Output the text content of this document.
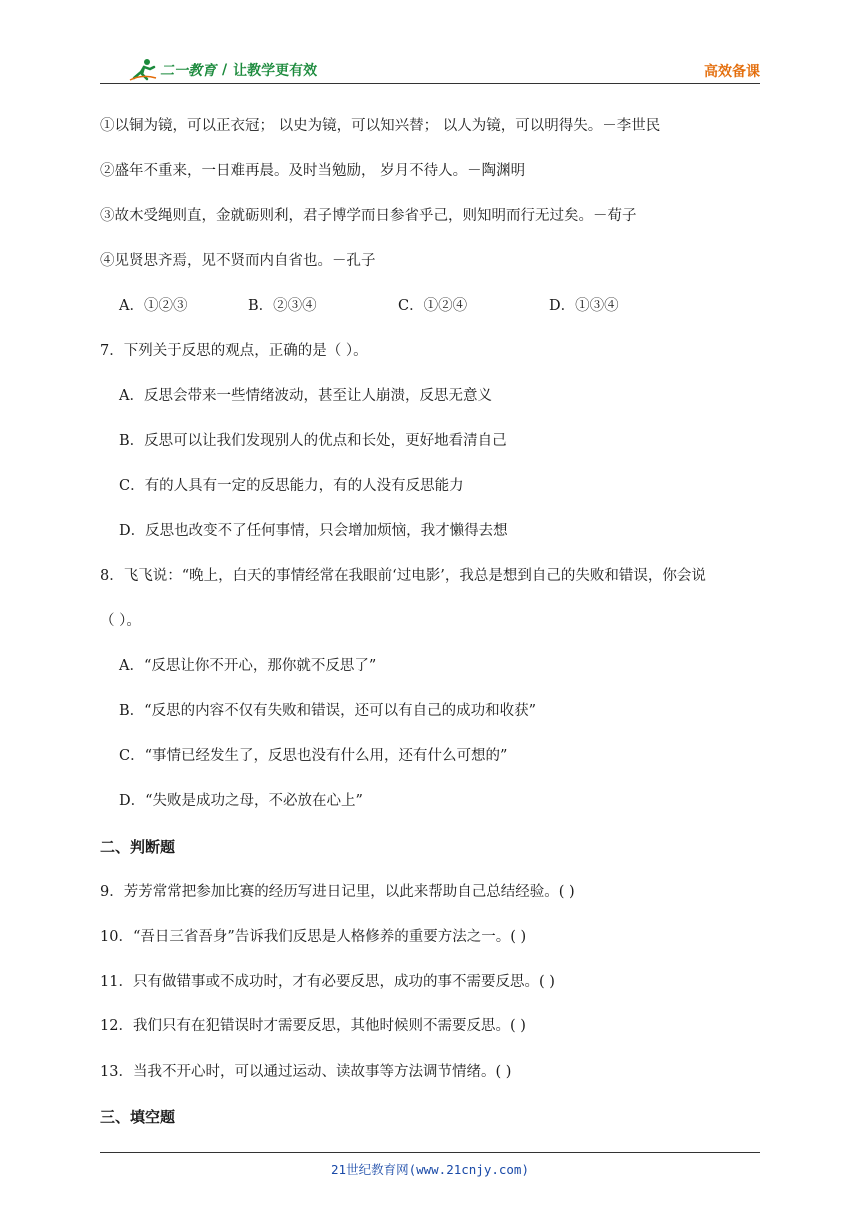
二一教育 / 让教学更有效	高效备课
①以铜为镜，可以正衣冠； 以史为镜，可以知兴替； 以人为镜，可以明得失。－李世民
②盛年不重来，一日难再晨。及时当勉励， 岁月不待人。－陶渊明
③故木受绳则直，金就砺则利，君子博学而日参省乎己，则知明而行无过矣。－荀子
④见贤思齐焉，见不贤而内自省也。－孔子
A．①②③	B．②③④	C．①②④	D．①③④
7．下列关于反思的观点，正确的是（ ）。
A．反思会带来一些情绪波动，甚至让人崩溃，反思无意义
B．反思可以让我们发现别人的优点和长处，更好地看清自己
C．有的人具有一定的反思能力，有的人没有反思能力
D．反思也改变不了任何事情，只会增加烦恼，我才懒得去想
8．飞飞说：“晚上，白天的事情经常在我眼前‘过电影’，我总是想到自己的失败和错误，你会说
（ ）。
A．“反思让你不开心，那你就不反思了”
B．“反思的内容不仅有失败和错误，还可以有自己的成功和收获”
C．“事情已经发生了，反思也没有什么用，还有什么可想的”
D．“失败是成功之母，不必放在心上”
二、判断题
9．芳芳常常把参加比赛的经历写进日记里，以此来帮助自己总结经验。( )
10．“吾日三省吾身”告诉我们反思是人格修养的重要方法之一。( )
11．只有做错事或不成功时，才有必要反思，成功的事不需要反思。( )
12．我们只有在犯错误时才需要反思，其他时候则不需要反思。( )
13．当我不开心时，可以通过运动、读故事等方法调节情绪。( )
三、填空题
21世纪教育网(www.21cnjy.com)
